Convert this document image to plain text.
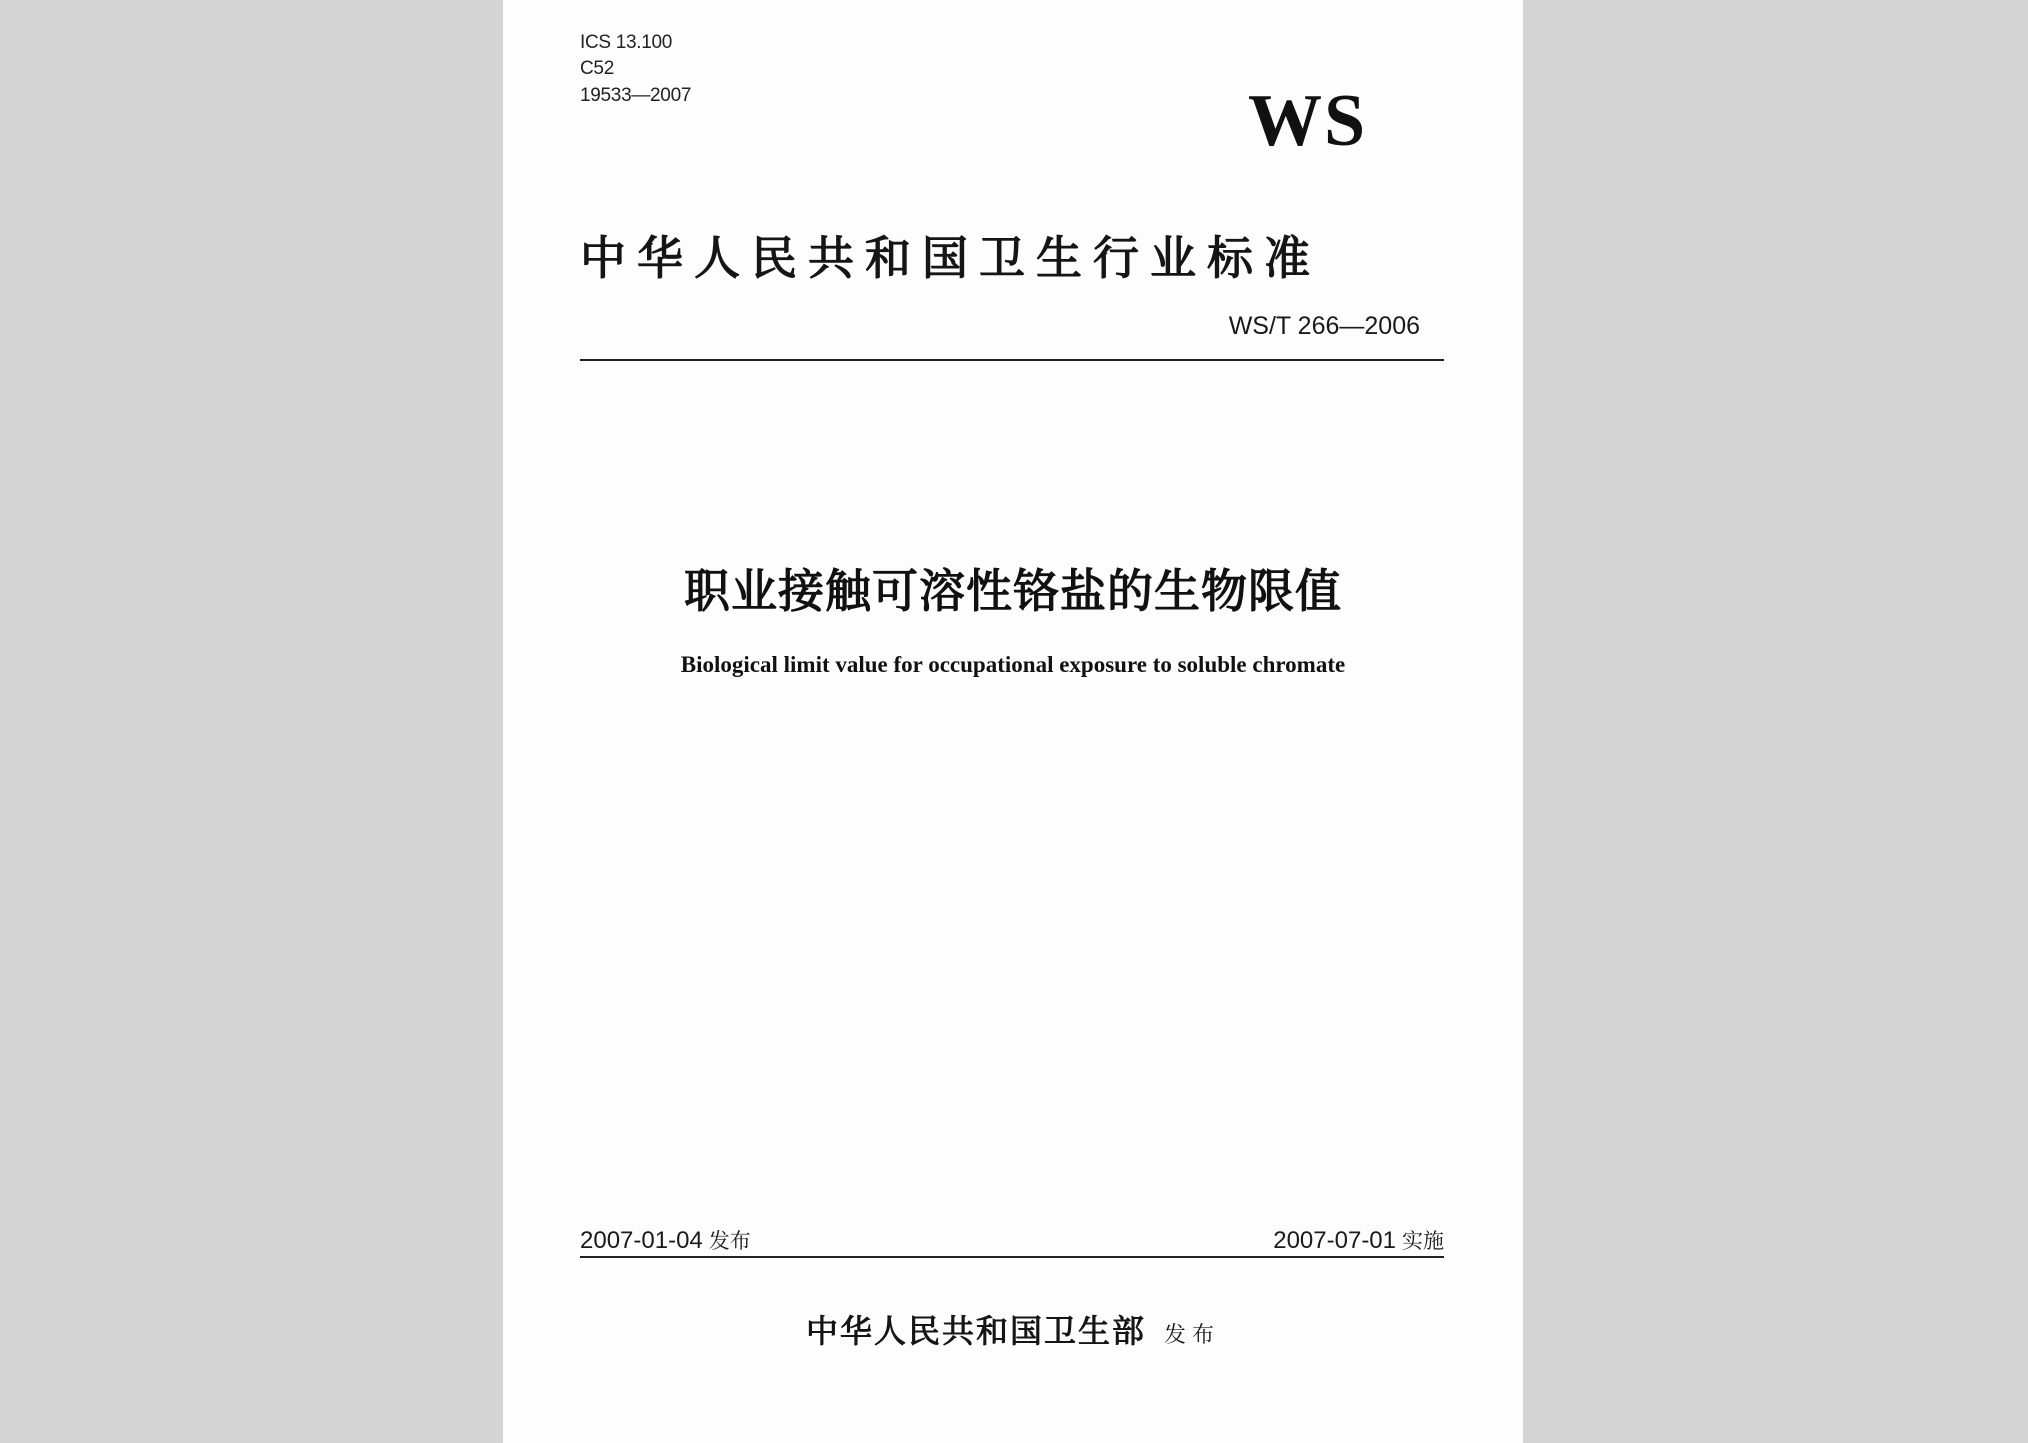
ICS 13.100
C52
19533—2007	WS
中华人民共和国卫生行业标准
WS/T 266—2006
职业接触可溶性铬盐的生物限值
Biological limit value for occupational exposure to soluble chromate
2007-01-04 发布	2007-07-01 实施
中华人民共和国卫生部 发布
